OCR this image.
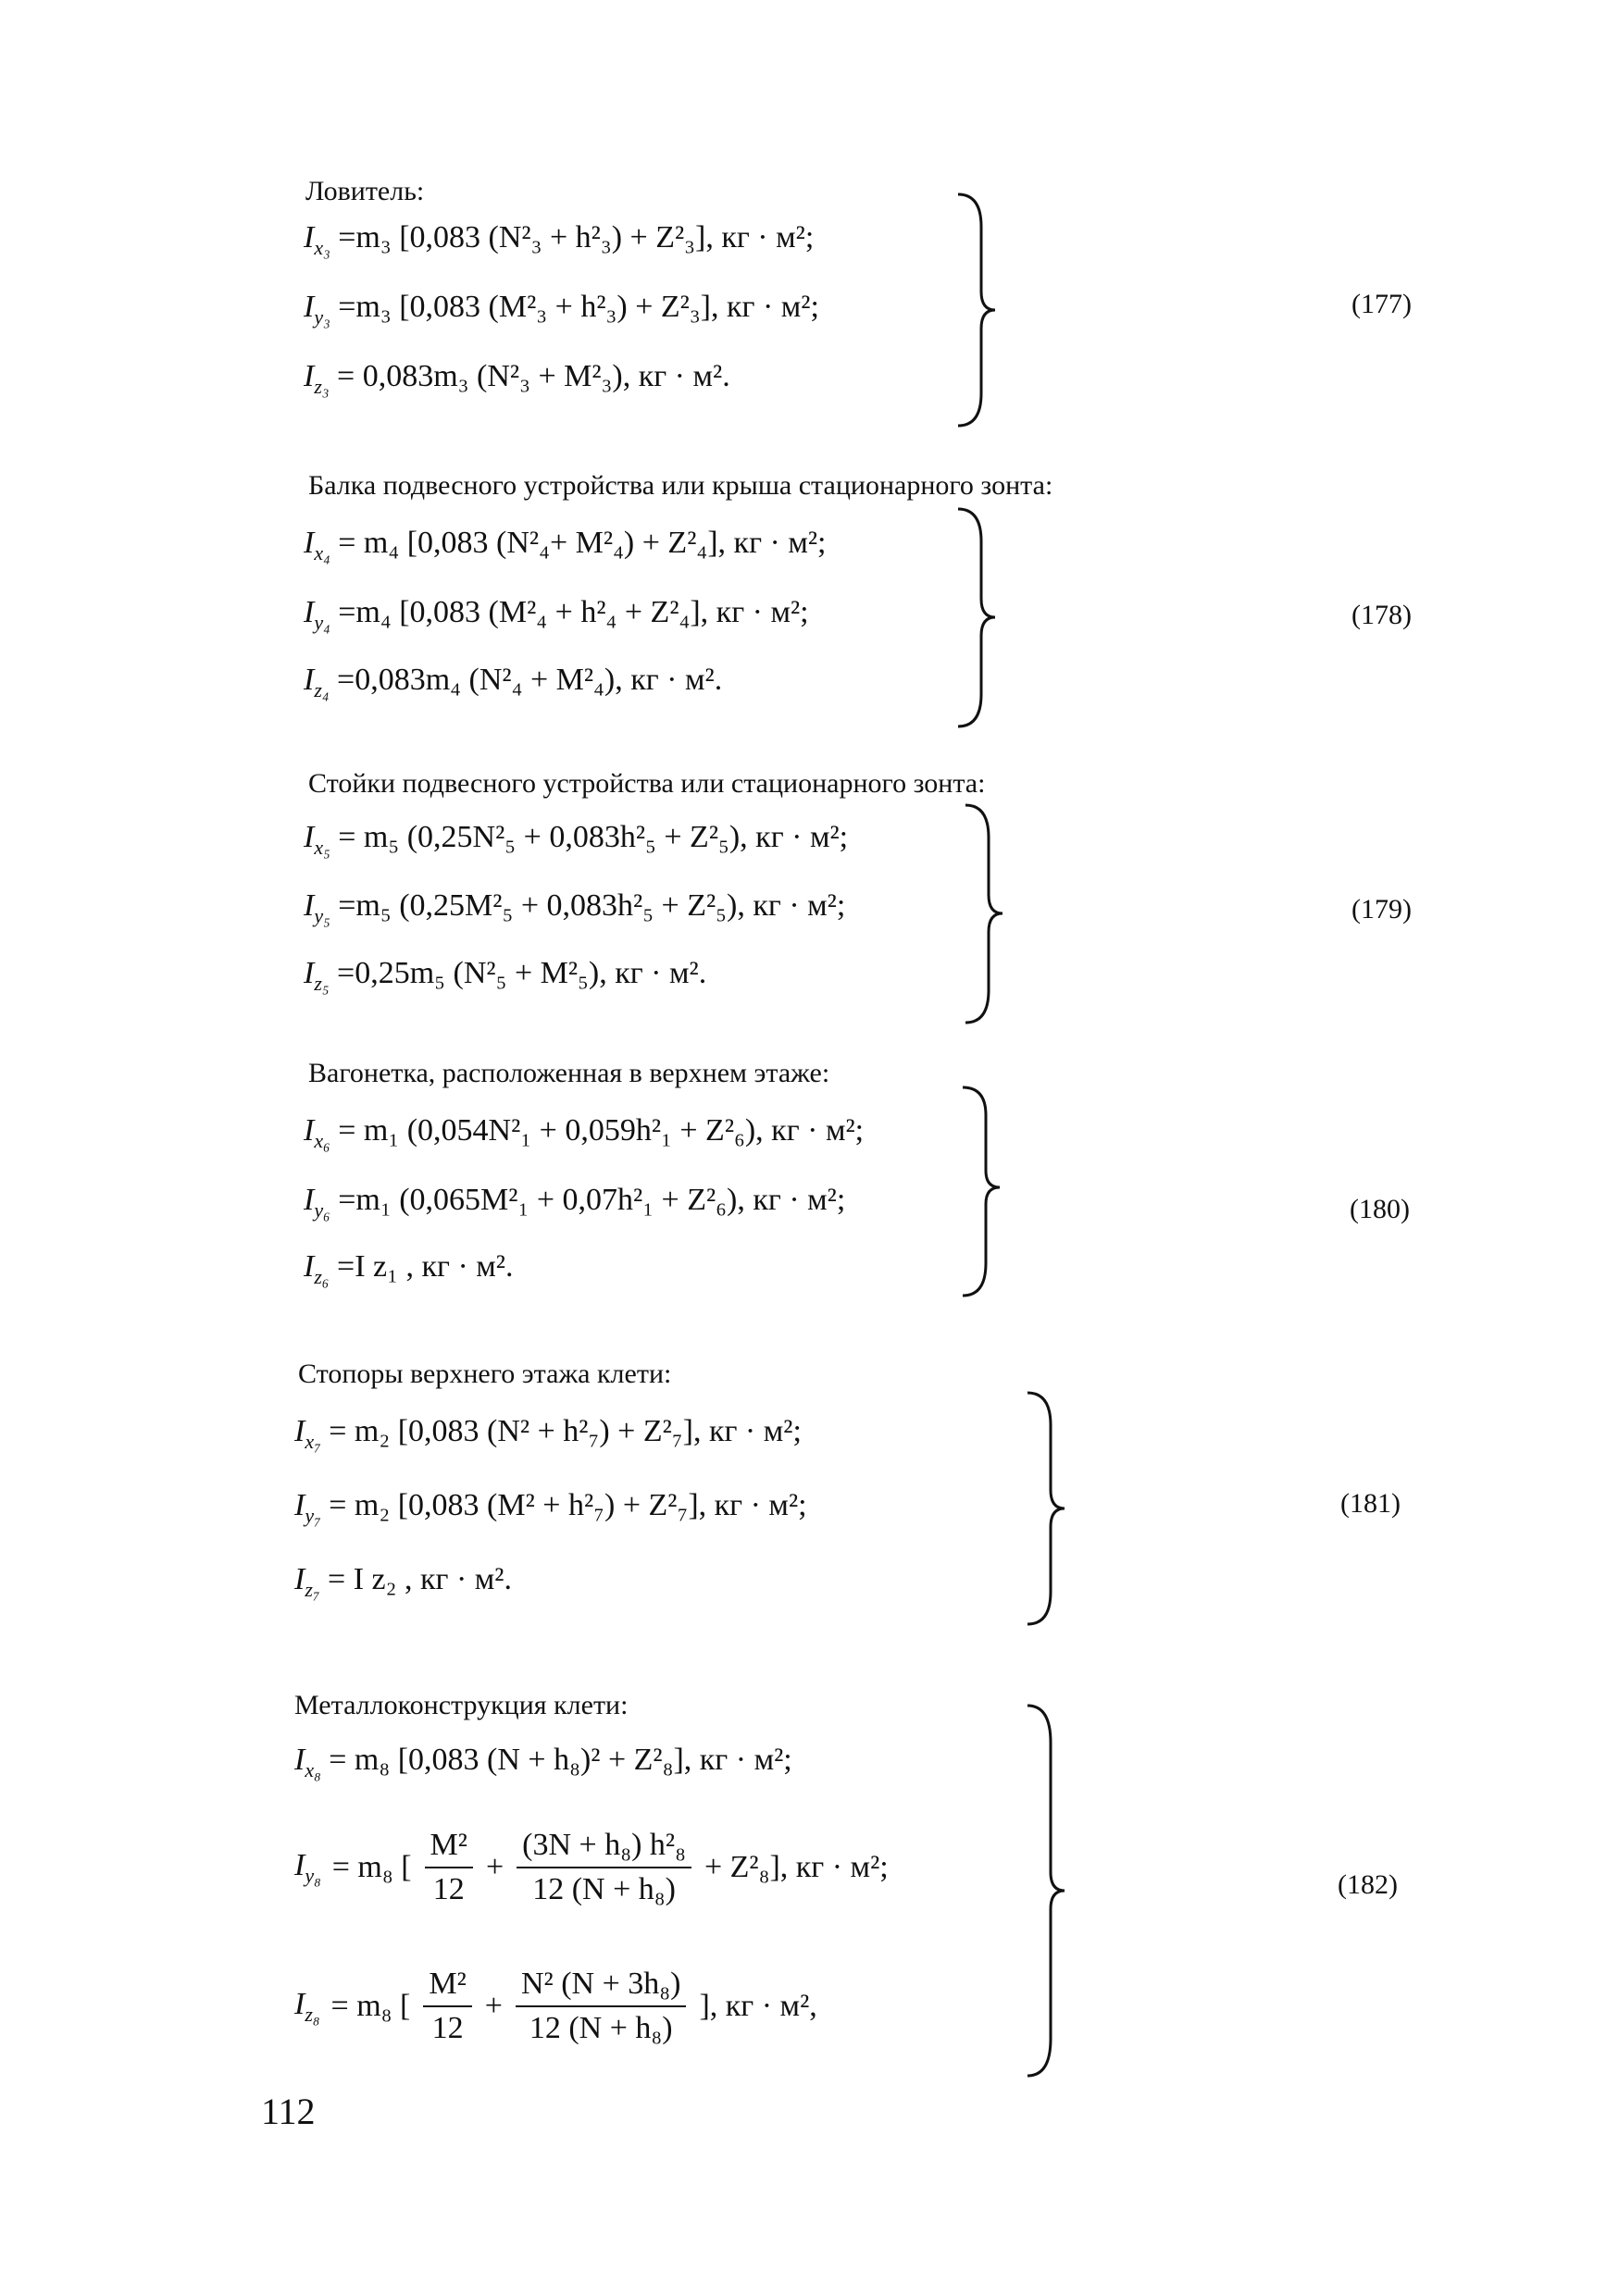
Ловитель:
$I_{x_3} =m_3$ [0,083 (N²₃ + h²₃) + Z²₃], кг · м²;
$I_{y_3} =m_3$ [0,083 (M²₃ + h²₃) + Z²₃], кг · м²;
$I_{z_3} = 0,083m_3$ (N²₃ + M²₃), кг · м².
(177)
Балка подвесного устройства или крыша стационарного зонта:
$I_{x_4} = m_4$ [0,083 (N²₄+ M²₄) + Z²₄], кг · м²;
$I_{y_4} =m_4$ [0,083 (M²₄ + h²₄ + Z²₄], кг · м²;
$I_{z_4} =0,083m_4$ (N²₄ + M²₄), кг · м².
(178)
Стойки подвесного устройства или стационарного зонта:
$I_{x_5} = m_5$ (0,25N²₅ + 0,083h²₅ + Z²₅), кг · м²;
$I_{y_5} =m_5$ (0,25M²₅ + 0,083h²₅ + Z²₅), кг · м²;
$I_{z_5} =0,25m_5$ (N²₅ + M²₅), кг · м².
(179)
Вагонетка, расположенная в верхнем этаже:
$I_{x_6} = m_1$ (0,054N²₁ + 0,059h²₁ + Z²₆), кг · м²;
$I_{y_6} =m_1$ (0,065M²₁ + 0,07h²₁ + Z²₆), кг · м²;
$I_{z_6} =I$ z₁ , кг · м².
(180)
Стопоры верхнего этажа клети:
$I_{x_7} = m_2$ [0,083 (N² + h²₇) + Z²₇], кг · м²;
$I_{y_7} = m_2$ [0,083 (M² + h²₇) + Z²₇], кг · м²;
$I_{z_7} = I$ z₂ , кг · м².
(181)
Металлоконструкция клети:
$I_{x_8} = m_8$ [0,083 (N + h₈)² + Z²₈], кг · м²;
$I_{y_8} = m_8$ [ $\frac{\text{M²}}{12} + \frac{\text{(3N + h₈) h²₈}}{\text{12 (N + h₈)}} + Z^2_8$], кг · м²;
$I_{z_8} = m_8$ [ $\frac{\text{M²}}{12} + \frac{\text{N² (N + 3h₈)}}{\text{12 (N + h₈)}}$ ], кг · м²,
(182)
112
